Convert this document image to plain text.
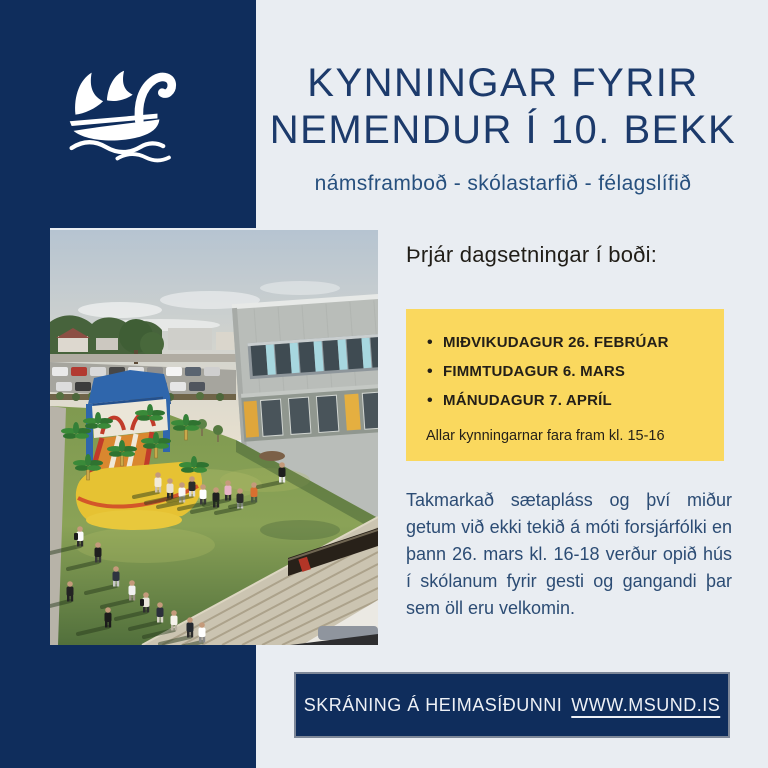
KYNNINGAR FYRIR
NEMENDUR Í 10. BEKK
námsframboð - skólastarfið - félagslífið
Þrjár dagsetningar í boði:
• MIÐVIKUDAGUR 26. FEBRÚAR
• FIMMTUDAGUR 6. MARS
• MÁNUDAGUR 7. APRÍL
Allar kynningarnar fara fram kl. 15-16

Takmarkað sætapláss og því miður getum við ekki tekið á móti forsjárfólki en þann 26. mars kl. 16-18 verður opið hús í skólanum fyrir gesti og gangandi þar sem öll eru velkomin.

SKRÁNING Á HEIMASÍÐUNNI WWW.MSUND.IS
